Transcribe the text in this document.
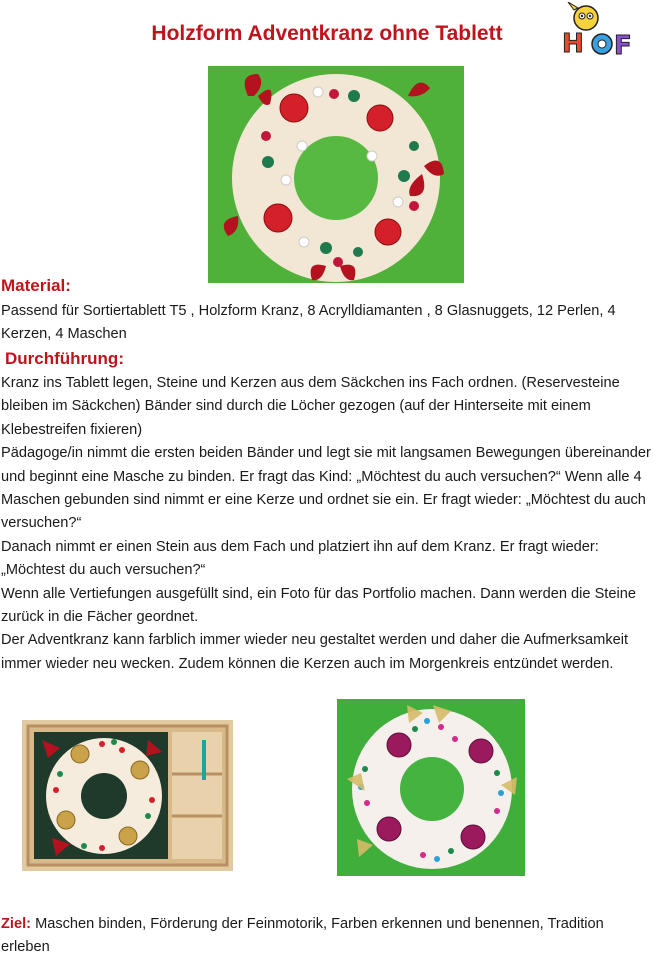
Holzform Adventkranz ohne Tablett	H F
Material:

Passend für Sortiertablett T5 , Holzform Kranz, 8 Acrylldiamanten , 8 Glasnuggets, 12 Perlen, 4 Kerzen, 4 Maschen

Durchführung:

Kranz ins Tablett legen, Steine und Kerzen aus dem Säckchen ins Fach ordnen. (Reservesteine bleiben im Säckchen) Bänder sind durch die Löcher gezogen (auf der Hinterseite mit einem Klebestreifen fixieren)

Pädagoge/in nimmt die ersten beiden Bänder und legt sie mit langsamen Bewegungen übereinander und beginnt eine Masche zu binden. Er fragt das Kind: „Möchtest du auch versuchen?“ Wenn alle 4 Maschen gebunden sind nimmt er eine Kerze und ordnet sie ein. Er fragt wieder: „Möchtest du auch versuchen?“

Danach nimmt er einen Stein aus dem Fach und platziert ihn auf dem Kranz. Er fragt wieder: „Möchtest du auch versuchen?“

Wenn alle Vertiefungen ausgefüllt sind, ein Foto für das Portfolio machen. Dann werden die Steine zurück in die Fächer geordnet.

Der Adventkranz kann farblich immer wieder neu gestaltet werden und daher die Aufmerksamkeit immer wieder neu wecken. Zudem können die Kerzen auch im Morgenkreis entzündet werden.

Ziel: Maschen binden, Förderung der Feinmotorik, Farben erkennen und benennen, Tradition erleben
